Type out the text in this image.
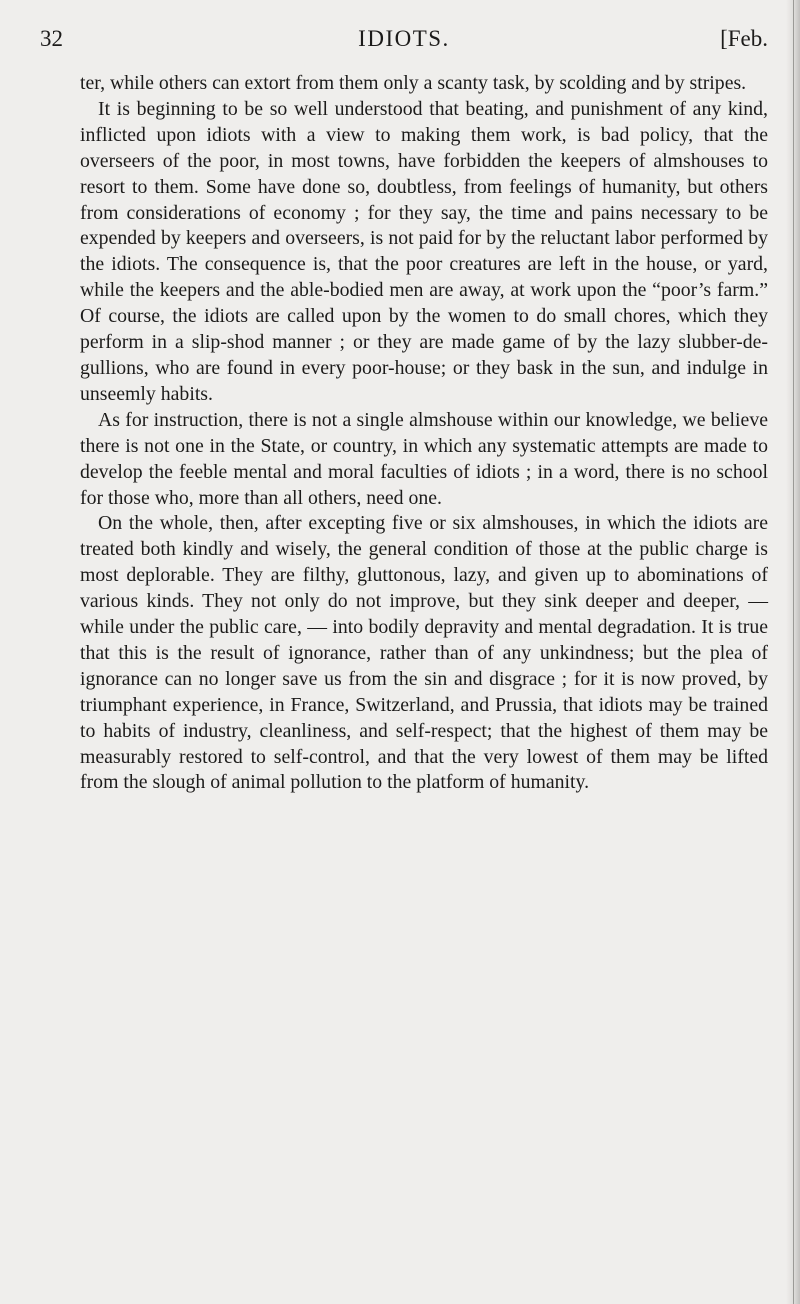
32	IDIOTS.	[Feb.

ter, while others can extort from them only a scanty task, by scolding and by stripes.

It is beginning to be so well understood that beating, and punishment of any kind, inflicted upon idiots with a view to making them work, is bad policy, that the overseers of the poor, in most towns, have forbidden the keepers of almshouses to resort to them. Some have done so, doubtless, from feelings of humanity, but others from considerations of economy ; for they say, the time and pains necessary to be expended by keepers and overseers, is not paid for by the reluctant labor performed by the idiots. The consequence is, that the poor creatures are left in the house, or yard, while the keepers and the able-bodied men are away, at work upon the “poor’s farm.” Of course, the idiots are called upon by the women to do small chores, which they perform in a slip-shod manner ; or they are made game of by the lazy slubber-de-gullions, who are found in every poor-house; or they bask in the sun, and indulge in unseemly habits.

As for instruction, there is not a single almshouse within our knowledge, we believe there is not one in the State, or country, in which any systematic attempts are made to develop the feeble mental and moral faculties of idiots ; in a word, there is no school for those who, more than all others, need one.

On the whole, then, after excepting five or six almshouses, in which the idiots are treated both kindly and wisely, the general condition of those at the public charge is most deplorable. They are filthy, gluttonous, lazy, and given up to abominations of various kinds. They not only do not improve, but they sink deeper and deeper, — while under the public care, — into bodily depravity and mental degradation. It is true that this is the result of ignorance, rather than of any unkindness; but the plea of ignorance can no longer save us from the sin and disgrace ; for it is now proved, by triumphant experience, in France, Switzerland, and Prussia, that idiots may be trained to habits of industry, cleanliness, and self-respect; that the highest of them may be measurably restored to self-control, and that the very lowest of them may be lifted from the slough of animal pollution to the platform of humanity.
